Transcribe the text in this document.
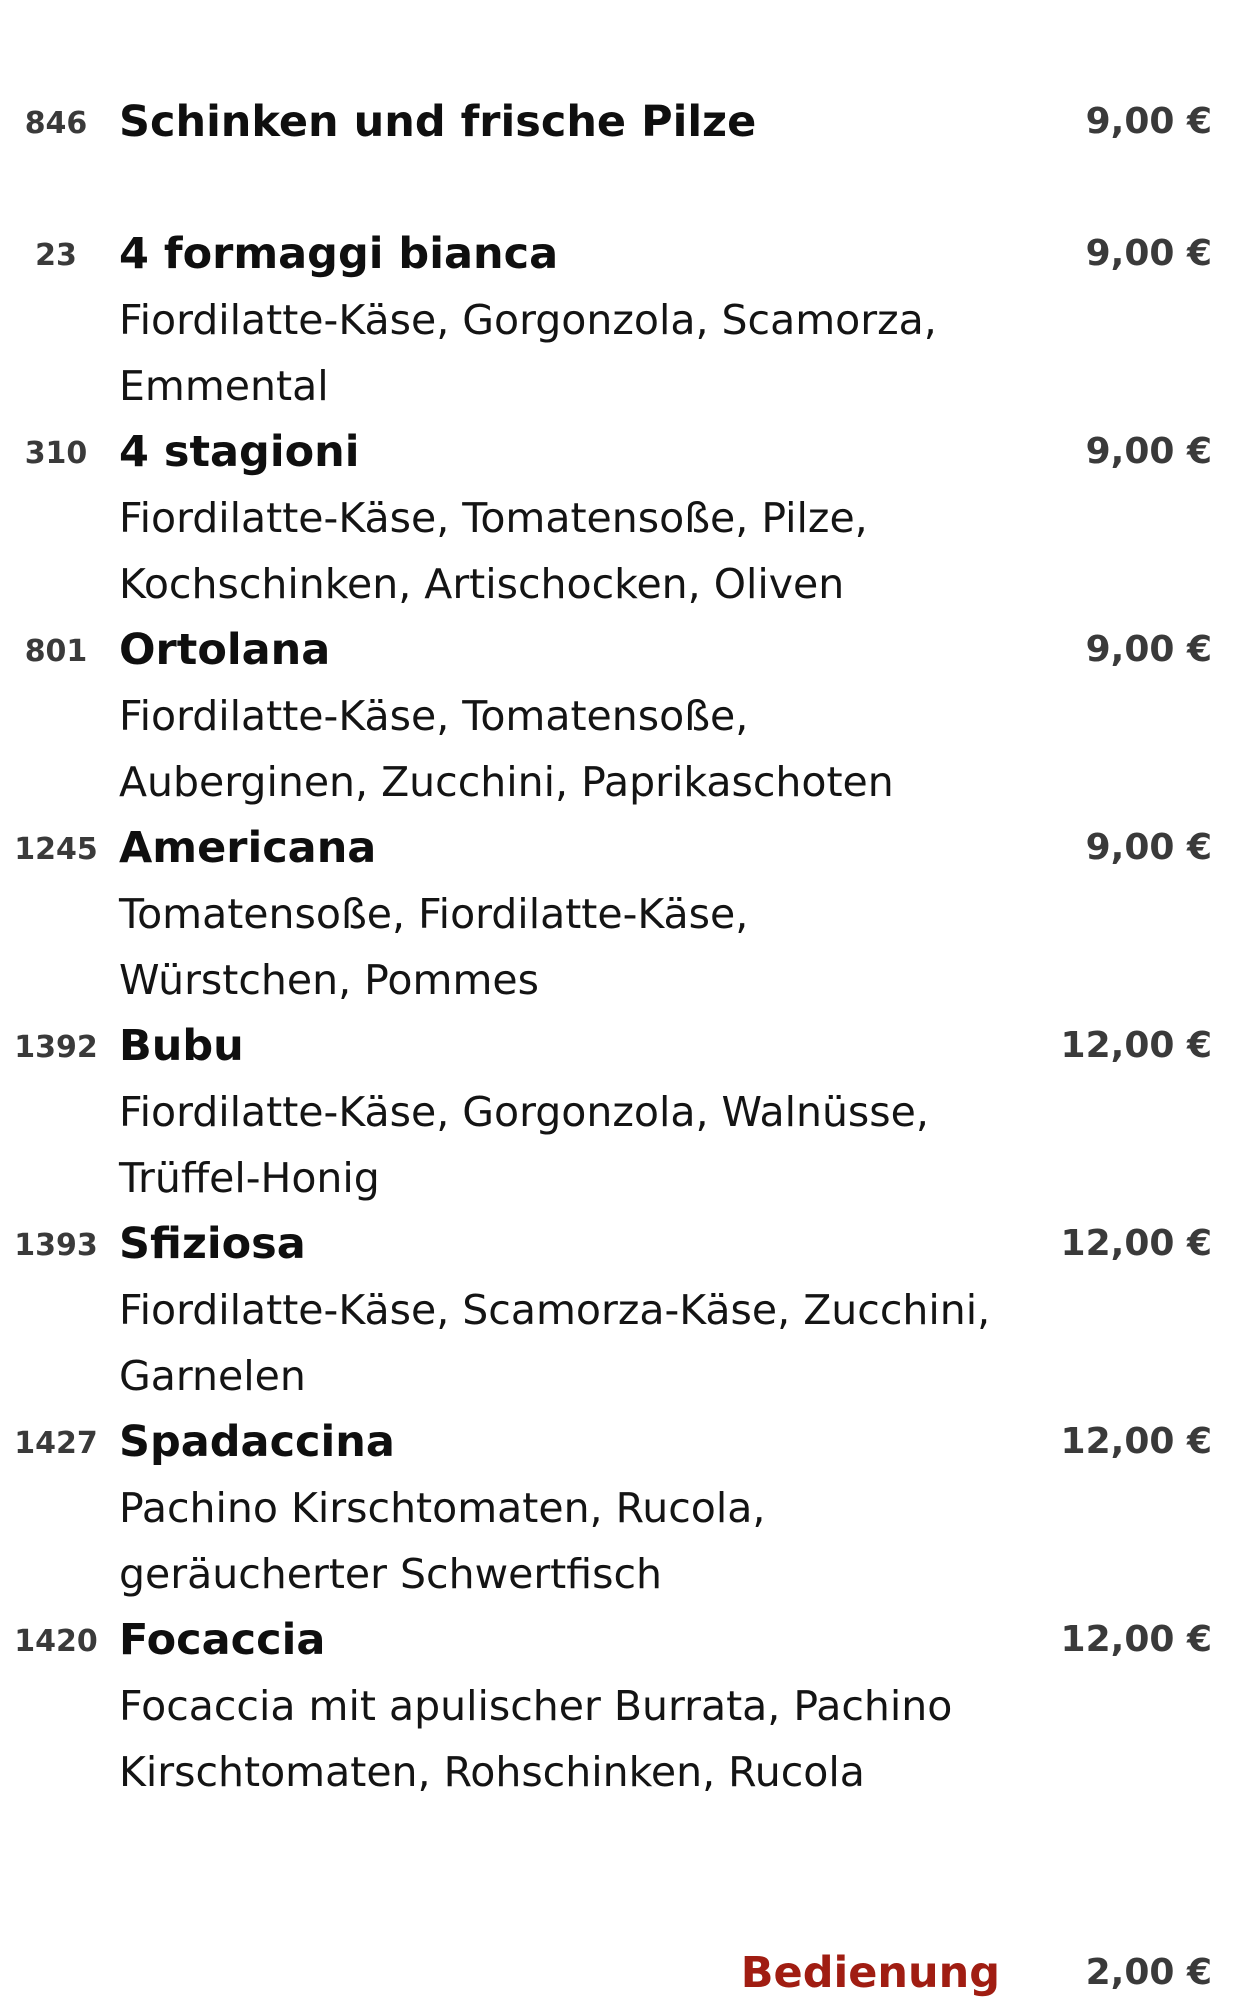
846 Schinken und frische Pilze	9,00 €
23 4 formaggi bianca	9,00 €
Fiordilatte-Käse, Gorgonzola, Scamorza,
Emmental
310 4 stagioni	9,00 €
Fiordilatte-Käse, Tomatensoße, Pilze,
Kochschinken, Artischocken, Oliven
801 Ortolana	9,00 €
Fiordilatte-Käse, Tomatensoße,
Auberginen, Zucchini, Paprikaschoten
1245 Americana	9,00 €
Tomatensoße, Fiordilatte-Käse,
Würstchen, Pommes
1392 Bubu	12,00 €
Fiordilatte-Käse, Gorgonzola, Walnüsse,
Trüffel-Honig
1393 Sfiziosa	12,00 €
Fiordilatte-Käse, Scamorza-Käse, Zucchini,
Garnelen
1427 Spadaccina	12,00 €
Pachino Kirschtomaten, Rucola,
geräucherter Schwertfisch
1420 Focaccia	12,00 €
Focaccia mit apulischer Burrata, Pachino
Kirschtomaten, Rohschinken, Rucola
Bedienung 2,00 €
